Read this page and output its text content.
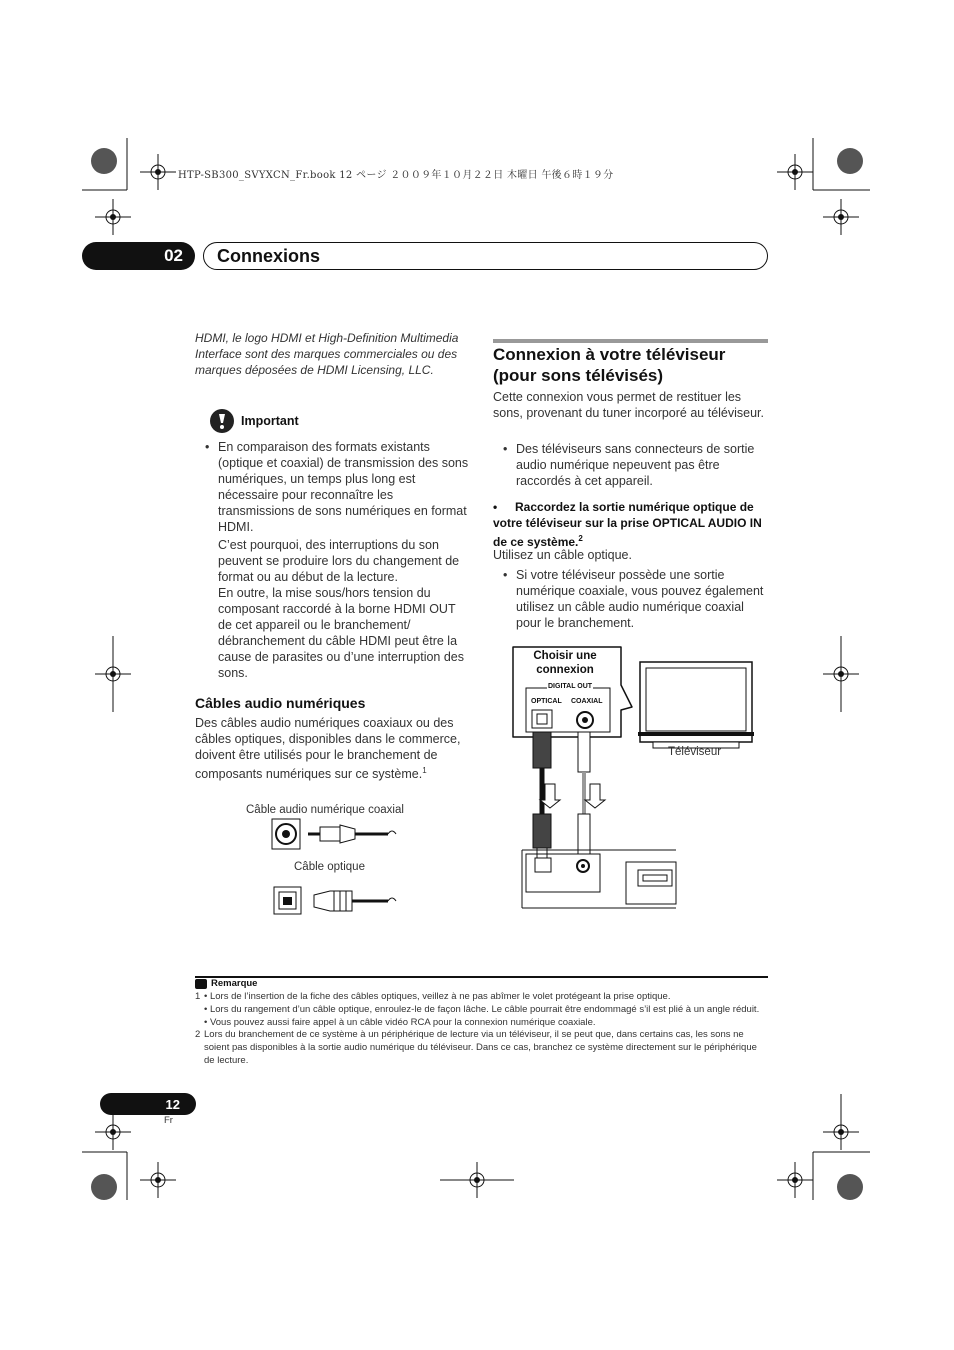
HTP-SB300_SVYXCN_Fr.book 12 ページ ２００９年１０月２２日 木曜日 午後６時１９分
02	Connexions
HDMI, le logo HDMI et High-Definition Multimedia Interface sont des marques commerciales ou des marques déposées de HDMI Licensing, LLC.
Important
• En comparaison des formats existants (optique et coaxial) de transmission des sons numériques, un temps plus long est nécessaire pour reconnaître les transmissions de sons numériques en format HDMI.
C’est pourquoi, des interruptions du son peuvent se produire lors du changement de format ou au début de la lecture.
En outre, la mise sous/hors tension du composant raccordé à la borne HDMI OUT de cet appareil ou le branchement/ débranchement du câble HDMI peut être la cause de parasites ou d’une interruption des sons.
Câbles audio numériques
Des câbles audio numériques coaxiaux ou des câbles optiques, disponibles dans le commerce, doivent être utilisés pour le branchement de composants numériques sur ce système.$^1$
Câble audio numérique coaxial
Câble optique
Connexion à votre téléviseur (pour sons télévisés)
Cette connexion vous permet de restituer les sons, provenant du tuner incorporé au téléviseur.
• Des téléviseurs sans connecteurs de sortie audio numérique nepeuvent pas être raccordés à cet appareil.
• Raccordez la sortie numérique optique de votre téléviseur sur la prise OPTICAL AUDIO IN de ce système.$^2$
Utilisez un câble optique.
• Si votre téléviseur possède une sortie numérique coaxiale, vous pouvez également utilisez un câble audio numérique coaxial pour le branchement.
Choisir une connexion
DIGITAL OUT
OPTICAL COAXIAL
Téléviseur
Remarque
1 • Lors de l’insertion de la fiche des câbles optiques, veillez à ne pas abîmer le volet protégeant la prise optique.
• Lors du rangement d’un câble optique, enroulez-le de façon lâche. Le câble pourrait être endommagé s’il est plié à un angle réduit.
• Vous pouvez aussi faire appel à un câble vidéo RCA pour la connexion numérique coaxiale.
2 Lors du branchement de ce système à un périphérique de lecture via un téléviseur, il se peut que, dans certains cas, les sons ne soient pas disponibles à la sortie audio numérique du téléviseur. Dans ce cas, branchez ce système directement sur le périphérique de lecture.
12
Fr
